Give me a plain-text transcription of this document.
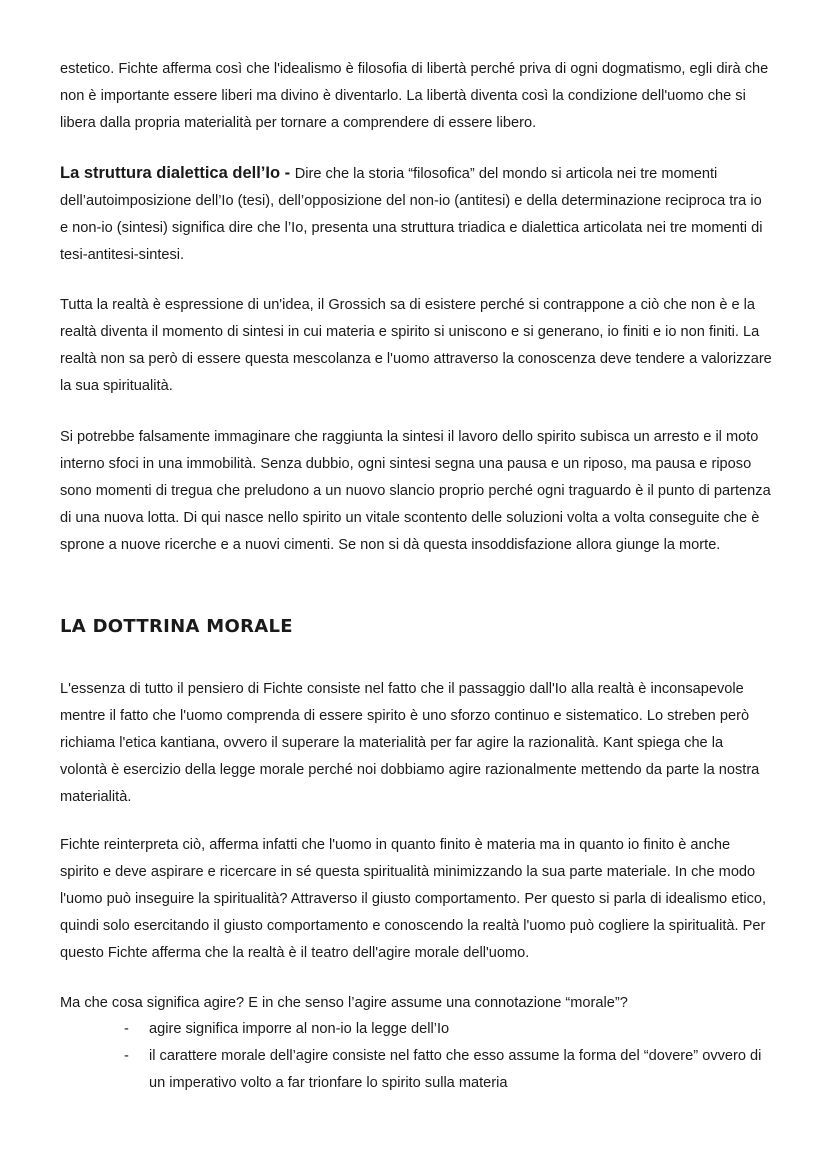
estetico. Fichte afferma così che l'idealismo è filosofia di libertà perché priva di ogni dogmatismo, egli dirà che non è importante essere liberi ma divino è diventarlo. La libertà diventa così la condizione dell'uomo che si libera dalla propria materialità per tornare a comprendere di essere libero.

La struttura dialettica dell’Io - Dire che la storia “filosofica” del mondo si articola nei tre momenti dell’autoimposizione dell’Io (tesi), dell’opposizione del non-io (antitesi) e della determinazione reciproca tra io e non-io (sintesi) significa dire che l’Io, presenta una struttura triadica e dialettica articolata nei tre momenti di tesi-antitesi-sintesi.

Tutta la realtà è espressione di un'idea, il Grossich sa di esistere perché si contrappone a ciò che non è e la realtà diventa il momento di sintesi in cui materia e spirito si uniscono e si generano, io finiti e io non finiti. La realtà non sa però di essere questa mescolanza e l'uomo attraverso la conoscenza deve tendere a valorizzare la sua spiritualità.

Si potrebbe falsamente immaginare che raggiunta la sintesi il lavoro dello spirito subisca un arresto e il moto interno sfoci in una immobilità. Senza dubbio, ogni sintesi segna una pausa e un riposo, ma pausa e riposo sono momenti di tregua che preludono a un nuovo slancio proprio perché ogni traguardo è il punto di partenza di una nuova lotta. Di qui nasce nello spirito un vitale scontento delle soluzioni volta a volta conseguite che è sprone a nuove ricerche e a nuovi cimenti. Se non si dà questa insoddisfazione allora giunge la morte.

LA DOTTRINA MORALE

L'essenza di tutto il pensiero di Fichte consiste nel fatto che il passaggio dall'Io alla realtà è inconsapevole mentre il fatto che l'uomo comprenda di essere spirito è uno sforzo continuo e sistematico. Lo streben però richiama l'etica kantiana, ovvero il superare la materialità per far agire la razionalità. Kant spiega che la volontà è esercizio della legge morale perché noi dobbiamo agire razionalmente mettendo da parte la nostra materialità.

Fichte reinterpreta ciò, afferma infatti che l'uomo in quanto finito è materia ma in quanto io finito è anche spirito e deve aspirare e ricercare in sé questa spiritualità minimizzando la sua parte materiale. In che modo l'uomo può inseguire la spiritualità? Attraverso il giusto comportamento. Per questo si parla di idealismo etico, quindi solo esercitando il giusto comportamento e conoscendo la realtà l'uomo può cogliere la spiritualità. Per questo Fichte afferma che la realtà è il teatro dell'agire morale dell'uomo.

Ma che cosa significa agire? E in che senso l’agire assume una connotazione “morale”?

- agire significa imporre al non-io la legge dell’Io
- il carattere morale dell’agire consiste nel fatto che esso assume la forma del “dovere” ovvero di un imperativo volto a far trionfare lo spirito sulla materia
